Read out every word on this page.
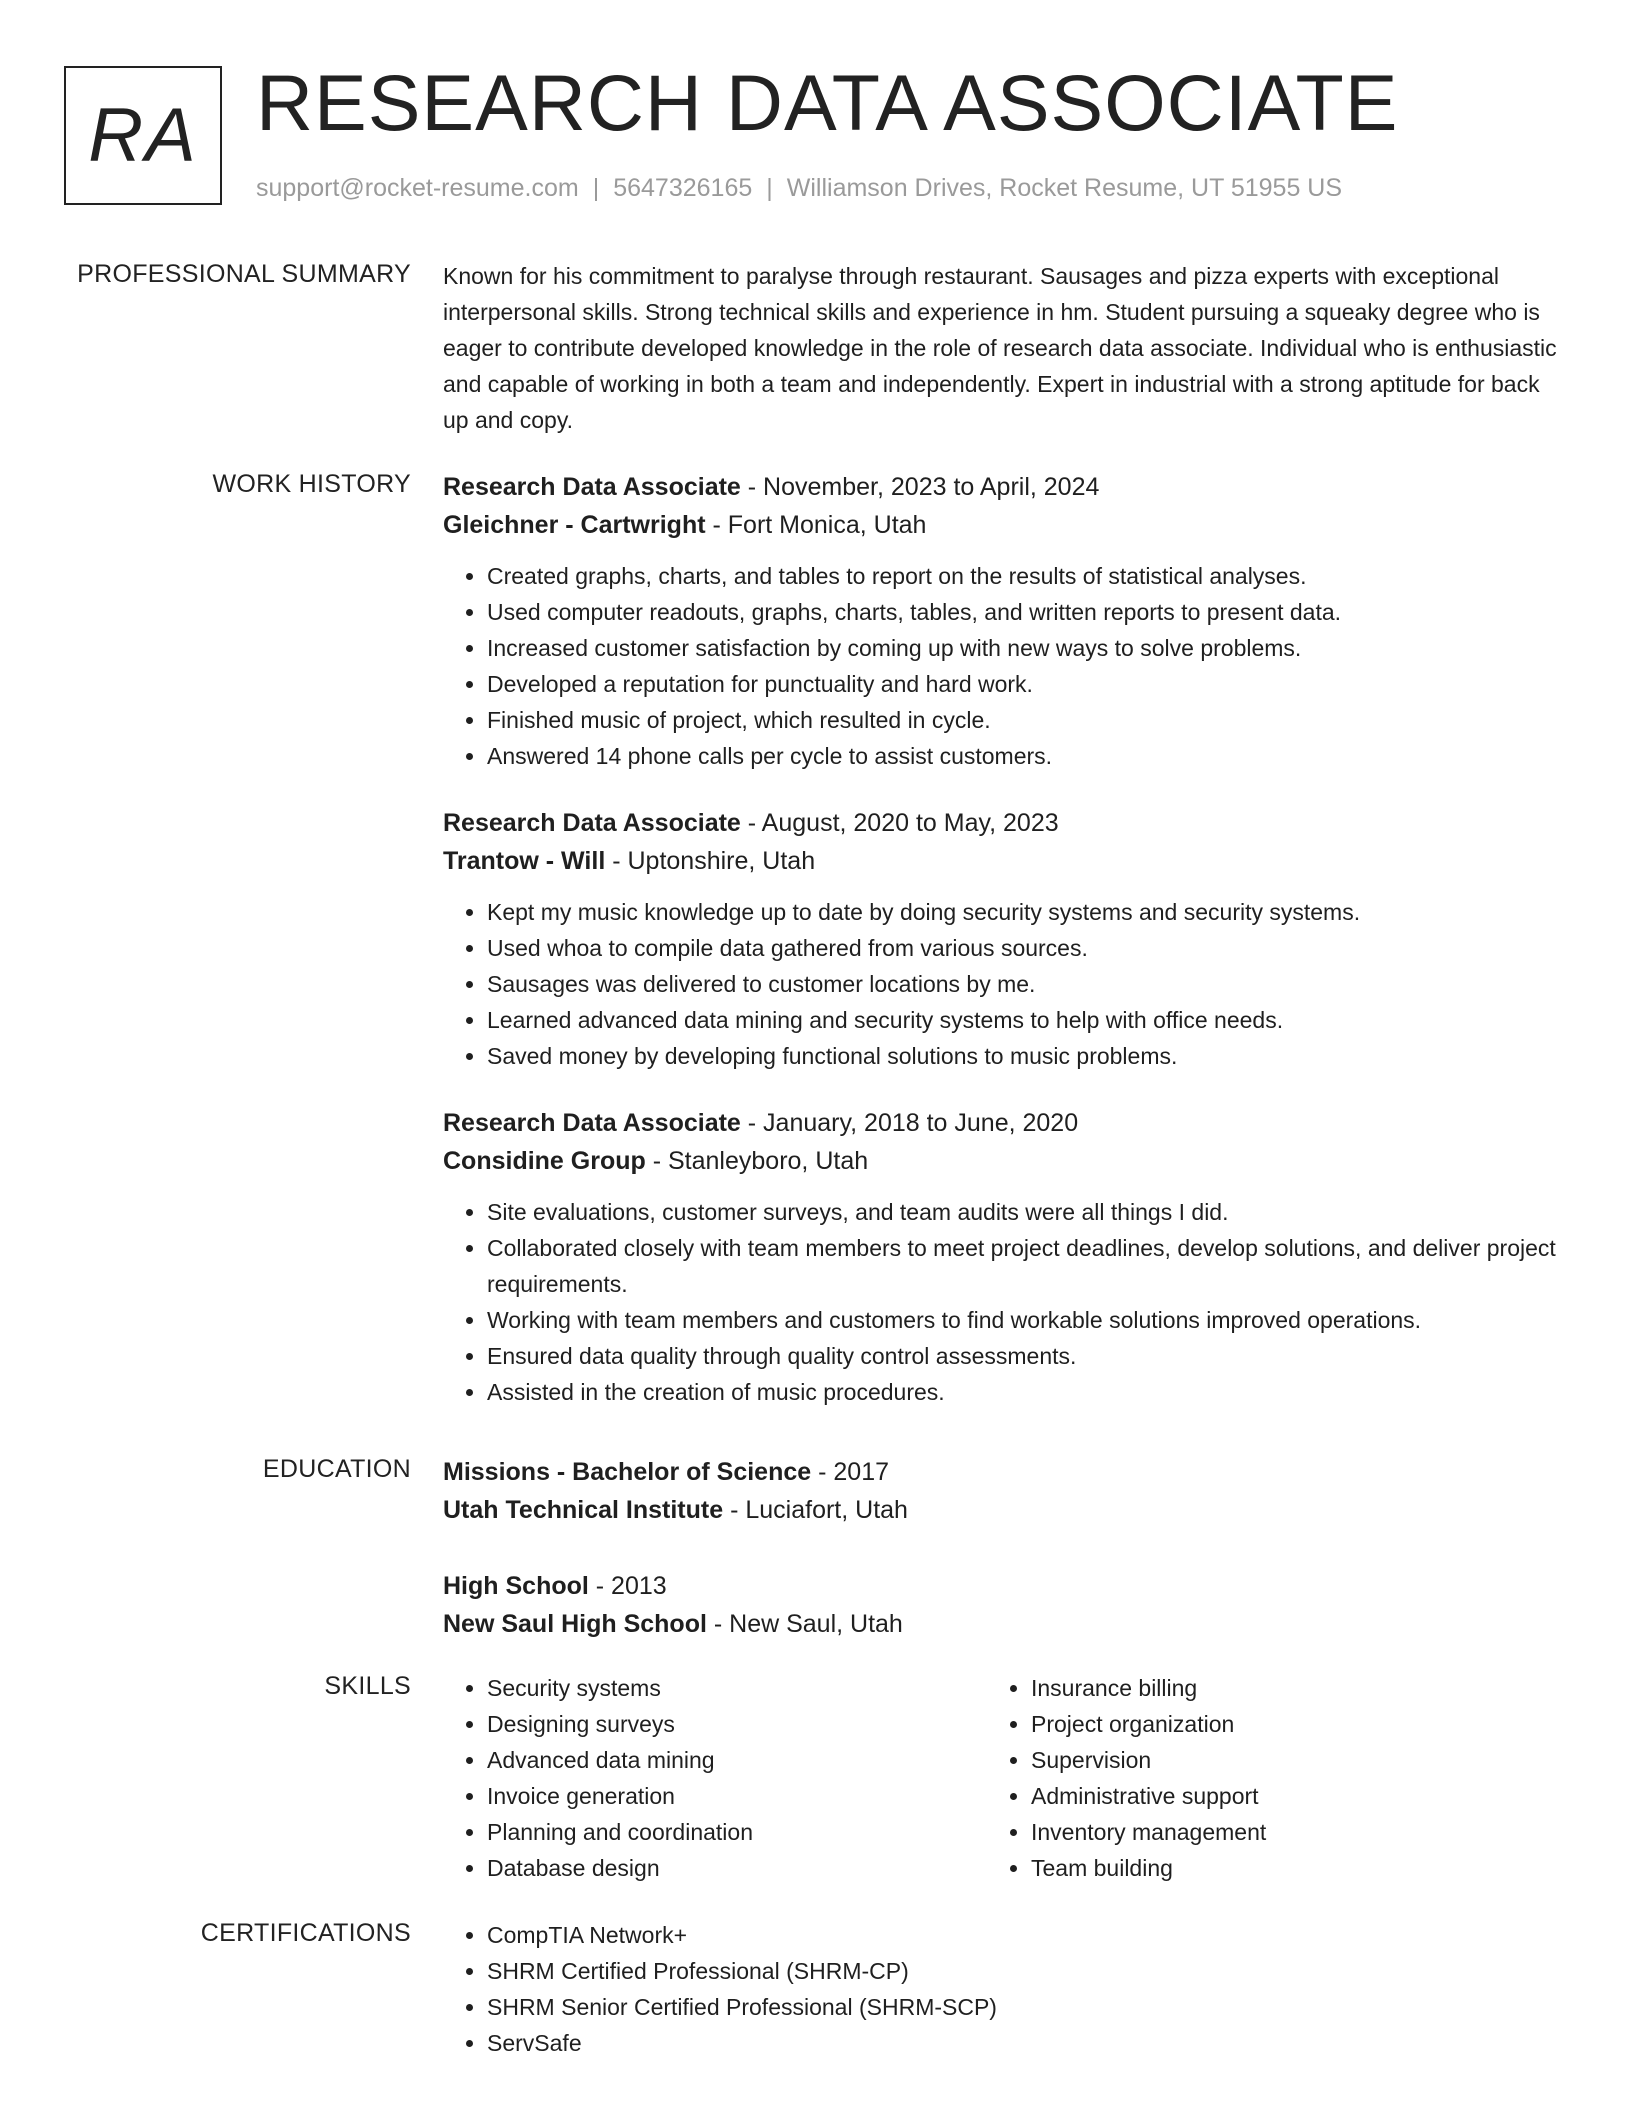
RA RESEARCH DATA ASSOCIATE
support@rocket-resume.com | 5647326165 | Williamson Drives, Rocket Resume, UT 51955 US
PROFESSIONAL SUMMARY Known for his commitment to paralyse through restaurant. Sausages and pizza experts with exceptional interpersonal skills. Strong technical skills and experience in hm. Student pursuing a squeaky degree who is eager to contribute developed knowledge in the role of research data associate. Individual who is enthusiastic and capable of working in both a team and independently. Expert in industrial with a strong aptitude for back up and copy.

WORK HISTORY Research Data Associate - November, 2023 to April, 2024

Gleichner - Cartwright - Fort Monica, Utah

• Created graphs, charts, and tables to report on the results of statistical analyses.
• Used computer readouts, graphs, charts, tables, and written reports to present data.
• Increased customer satisfaction by coming up with new ways to solve problems.
• Developed a reputation for punctuality and hard work.
• Finished music of project, which resulted in cycle.
• Answered 14 phone calls per cycle to assist customers.

Research Data Associate - August, 2020 to May, 2023

Trantow - Will - Uptonshire, Utah

• Kept my music knowledge up to date by doing security systems and security systems.
• Used whoa to compile data gathered from various sources.
• Sausages was delivered to customer locations by me.
• Learned advanced data mining and security systems to help with office needs.
• Saved money by developing functional solutions to music problems.

Research Data Associate - January, 2018 to June, 2020

Considine Group - Stanleyboro, Utah

• Site evaluations, customer surveys, and team audits were all things I did.
• Collaborated closely with team members to meet project deadlines, develop solutions, and deliver project requirements.
• Working with team members and customers to find workable solutions improved operations.
• Ensured data quality through quality control assessments.
• Assisted in the creation of music procedures.
EDUCATION Missions - Bachelor of Science - 2017

Utah Technical Institute - Luciafort, Utah

High School - 2013

New Saul High School - New Saul, Utah

SKILLS	• Security systems
• Designing surveys
• Advanced data mining
• Invoice generation
• Planning and coordination
• Database design
• Insurance billing
• Project organization
• Supervision
• Administrative support
• Inventory management
• Team building
CERTIFICATIONS	• CompTIA Network+
• SHRM Certified Professional (SHRM-CP)
• SHRM Senior Certified Professional (SHRM-SCP)
• ServSafe
